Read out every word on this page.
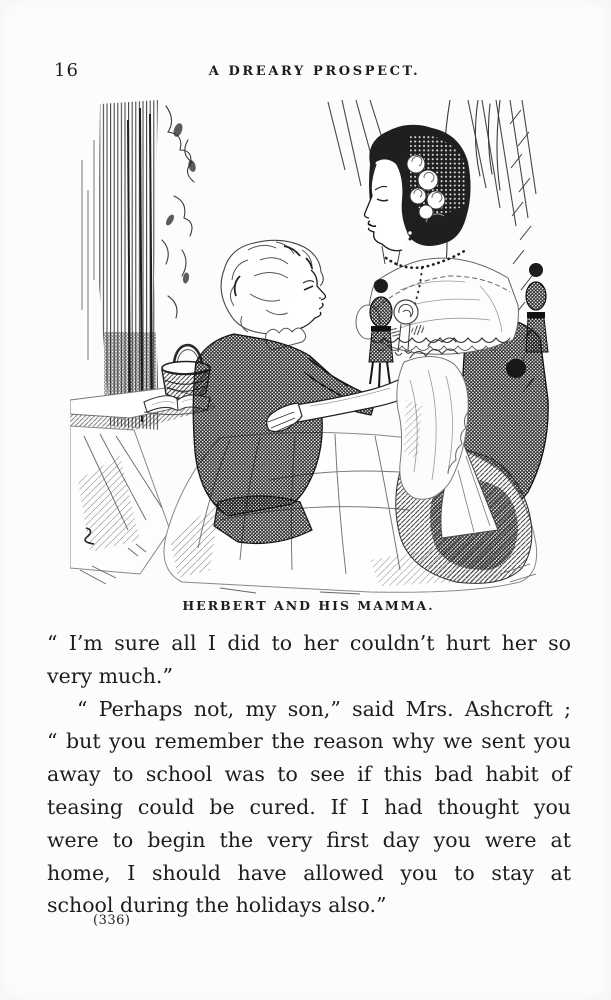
16	A DREARY PROSPECT.
HERBERT AND HIS MAMMA.
“ I’m sure all I did to her couldn’t hurt her so
very much.”
“ Perhaps not, my son,” said Mrs. Ashcroft ;
“ but you remember the reason why we sent you
away to school was to see if this bad habit of
teasing could be cured. If I had thought you
were to begin the very first day you were at
home, I should have allowed you to stay at
school during the holidays also.”
(336)
